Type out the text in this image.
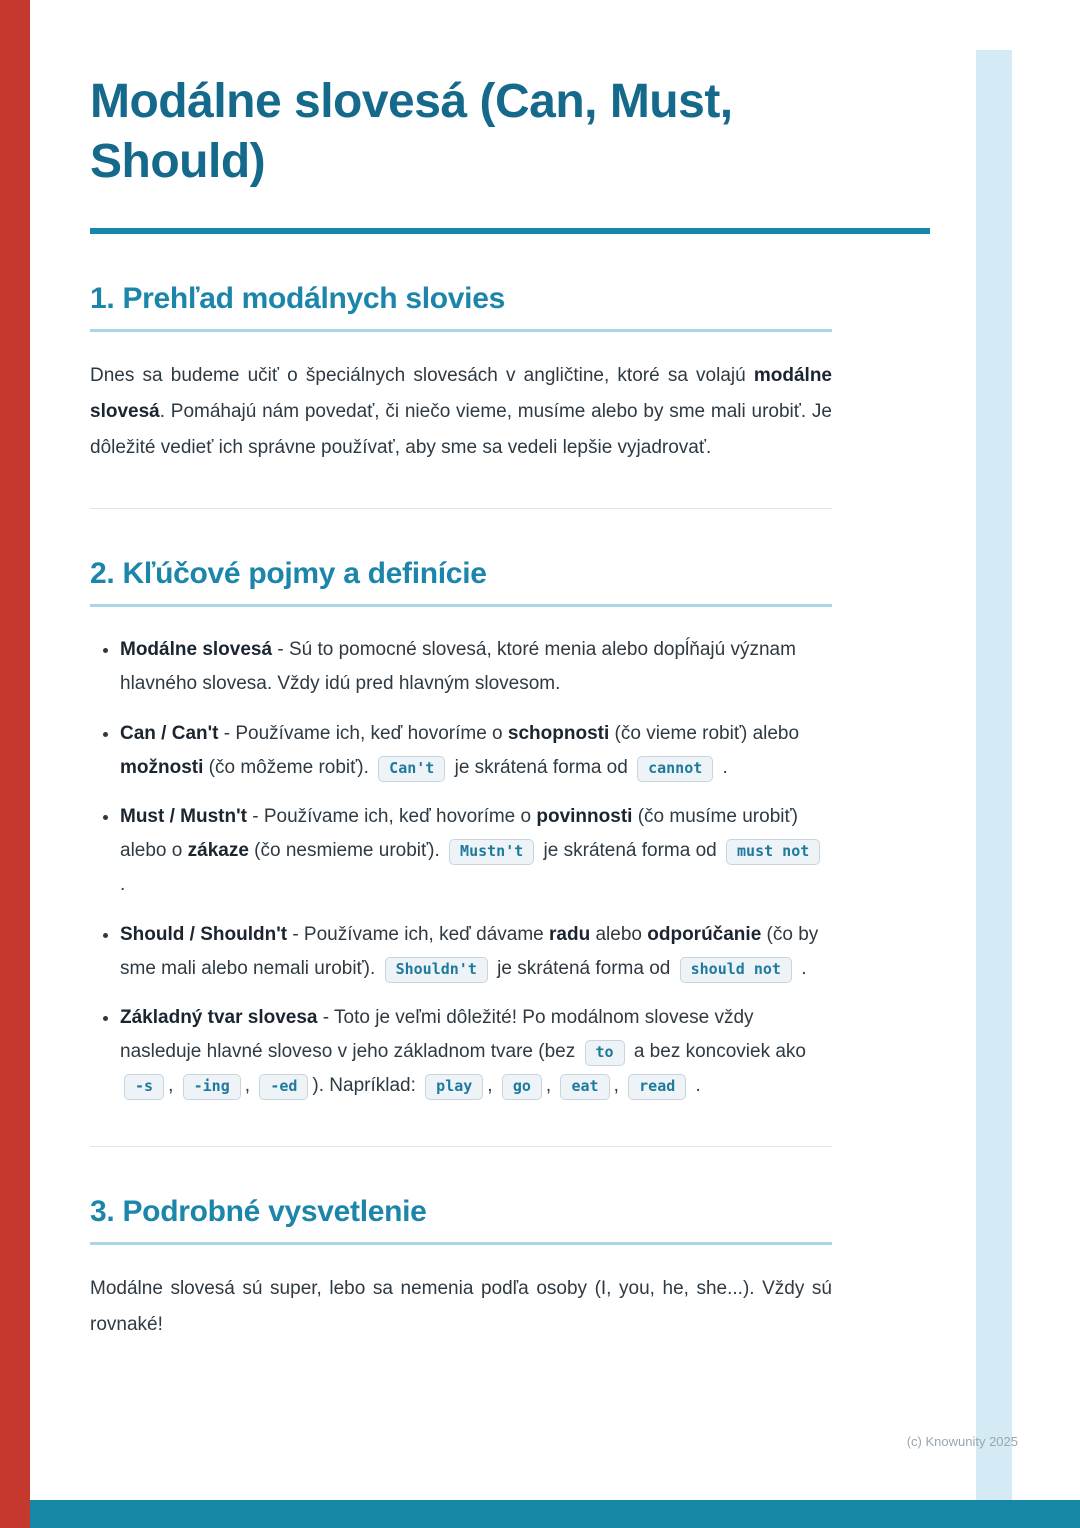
Modálne slovesá (Can, Must, Should)
1. Prehľad modálnych slovies

Dnes sa budeme učiť o špeciálnych slovesách v angličtine, ktoré sa volajú modálne slovesá. Pomáhajú nám povedať, či niečo vieme, musíme alebo by sme mali urobiť. Je dôležité vedieť ich správne používať, aby sme sa vedeli lepšie vyjadrovať.

2. Kľúčové pojmy a definície
• Modálne slovesá - Sú to pomocné slovesá, ktoré menia alebo dopĺňajú význam hlavného slovesa. Vždy idú pred hlavným slovesom.
• Can / Can't - Používame ich, keď hovoríme o schopnosti (čo vieme robiť) alebo možnosti (čo môžeme robiť). Can't je skrátená forma od cannot .
• Must / Mustn't - Používame ich, keď hovoríme o povinnosti (čo musíme urobiť) alebo o zákaze (čo nesmieme urobiť). Mustn't je skrátená forma od must not .
• Should / Shouldn't - Používame ich, keď dávame radu alebo odporúčanie (čo by sme mali alebo nemali urobiť). Shouldn't je skrátená forma od should not .
• Základný tvar slovesa - Toto je veľmi dôležité! Po modálnom slovese vždy nasleduje hlavné sloveso v jeho základnom tvare (bez to a bez koncoviek ako -s , -ing , -ed ). Napríklad: play , go , eat , read .
3. Podrobné vysvetlenie

Modálne slovesá sú super, lebo sa nemenia podľa osoby (I, you, he, she...). Vždy sú rovnaké!

(c) Knowunity 2025
